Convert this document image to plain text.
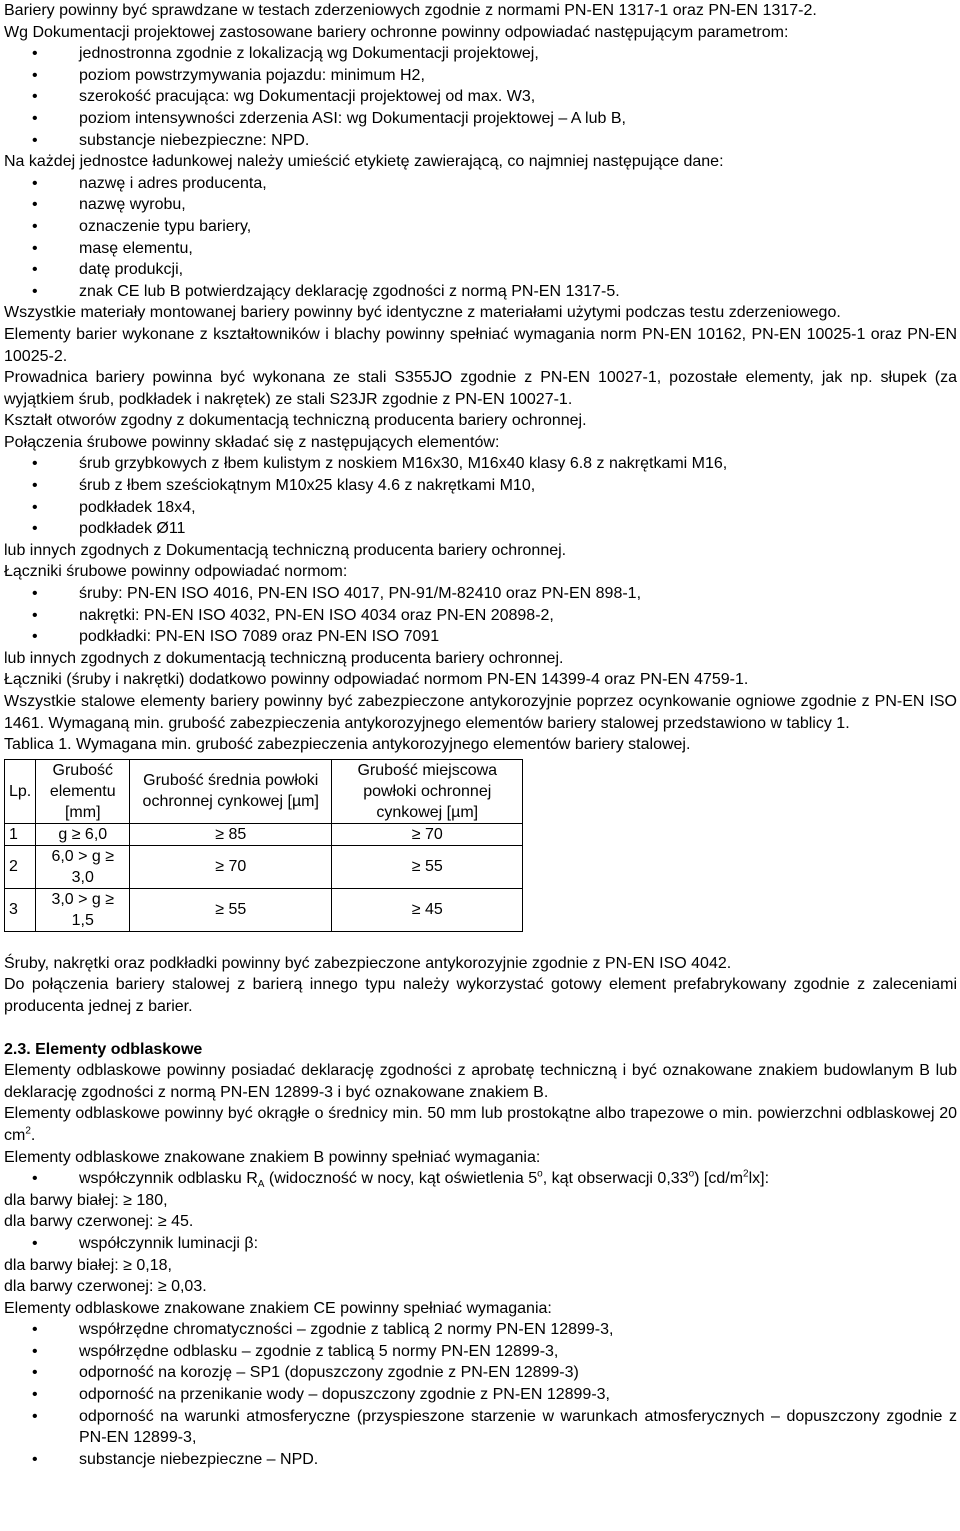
Bariery powinny być sprawdzane w testach zderzeniowych zgodnie z normami PN-EN 1317-1 oraz PN-EN 1317-2.

Wg Dokumentacji projektowej zastosowane bariery ochronne powinny odpowiadać następującym parametrom:

• jednostronna zgodnie z lokalizacją wg Dokumentacji projektowej,
• poziom powstrzymywania pojazdu: minimum H2,
• szerokość pracująca: wg Dokumentacji projektowej od max. W3,
• poziom intensywności zderzenia ASI: wg Dokumentacji projektowej – A lub B,
• substancje niebezpieczne: NPD.

Na każdej jednostce ładunkowej należy umieścić etykietę zawierającą, co najmniej następujące dane:

• nazwę i adres producenta,
• nazwę wyrobu,
• oznaczenie typu bariery,
• masę elementu,
• datę produkcji,
• znak CE lub B potwierdzający deklarację zgodności z normą PN-EN 1317-5.

Wszystkie materiały montowanej bariery powinny być identyczne z materiałami użytymi podczas testu zderzeniowego.

Elementy barier wykonane z kształtowników i blachy powinny spełniać wymagania norm PN-EN 10162, PN-EN 10025-1 oraz PN-EN 10025-2.

Prowadnica bariery powinna być wykonana ze stali S355JO zgodnie z PN-EN 10027-1, pozostałe elementy, jak np. słupek (za wyjątkiem śrub, podkładek i nakrętek) ze stali S23JR zgodnie z PN-EN 10027-1.

Kształt otworów zgodny z dokumentacją techniczną producenta bariery ochronnej.

Połączenia śrubowe powinny składać się z następujących elementów:

• śrub grzybkowych z łbem kulistym z noskiem M16x30, M16x40 klasy 6.8 z nakrętkami M16,
• śrub z łbem sześciokątnym M10x25 klasy 4.6 z nakrętkami M10,
• podkładek 18x4,
• podkładek Ø11

lub innych zgodnych z Dokumentacją techniczną producenta bariery ochronnej.

Łączniki śrubowe powinny odpowiadać normom:

• śruby: PN-EN ISO 4016, PN-EN ISO 4017, PN-91/M-82410 oraz PN-EN 898-1,
• nakrętki: PN-EN ISO 4032, PN-EN ISO 4034 oraz PN-EN 20898-2,
• podkładki: PN-EN ISO 7089 oraz PN-EN ISO 7091

lub innych zgodnych z dokumentacją techniczną producenta bariery ochronnej.

Łączniki (śruby i nakrętki) dodatkowo powinny odpowiadać normom PN-EN 14399-4 oraz PN-EN 4759-1.

Wszystkie stalowe elementy bariery powinny być zabezpieczone antykorozyjnie poprzez ocynkowanie ogniowe zgodnie z PN-EN ISO 1461. Wymaganą min. grubość zabezpieczenia antykorozyjnego elementów bariery stalowej przedstawiono w tablicy 1.

Tablica 1. Wymagana min. grubość zabezpieczenia antykorozyjnego elementów bariery stalowej.

Lp.	Grubość elementu [mm]	Grubość średnia powłoki ochronnej cynkowej [µm]	Grubość miejscowa powłoki ochronnej cynkowej [µm]
1	g ≥ 6,0	≥ 85	≥ 70
2	6,0 > g ≥ 3,0	≥ 70	≥ 55
3	3,0 > g ≥ 1,5	≥ 55	≥ 45

Śruby, nakrętki oraz podkładki powinny być zabezpieczone antykorozyjnie zgodnie z PN-EN ISO 4042.

Do połączenia bariery stalowej z barierą innego typu należy wykorzystać gotowy element prefabrykowany zgodnie z zaleceniami producenta jednej z barier.

2.3. Elementy odblaskowe

Elementy odblaskowe powinny posiadać deklarację zgodności z aprobatę techniczną i być oznakowane znakiem budowlanym B lub deklarację zgodności z normą PN-EN 12899-3 i być oznakowane znakiem B.

Elementy odblaskowe powinny być okrągłe o średnicy min. 50 mm lub prostokątne albo trapezowe o min. powierzchni odblaskowej 20 $cm^2$.

Elementy odblaskowe znakowane znakiem B powinny spełniać wymagania:

• współczynnik odblasku $R_A$ (widoczność w nocy, kąt oświetlenia 5$^o$, kąt obserwacji 0,33$^o$) $[cd/m^2lx]$:

dla barwy białej: ≥ 180,

dla barwy czerwonej: ≥ 45.

• współczynnik luminacji β:

dla barwy białej: ≥ 0,18,

dla barwy czerwonej: ≥ 0,03.

Elementy odblaskowe znakowane znakiem CE powinny spełniać wymagania:

• współrzędne chromatyczności – zgodnie z tablicą 2 normy PN-EN 12899-3,
• współrzędne odblasku – zgodnie z tablicą 5 normy PN-EN 12899-3,
• odporność na korozję – SP1 (dopuszczony zgodnie z PN-EN 12899-3)
• odporność na przenikanie wody – dopuszczony zgodnie z PN-EN 12899-3,
• odporność na warunki atmosferyczne (przyspieszone starzenie w warunkach atmosferycznych – dopuszczony zgodnie z PN-EN 12899-3,
• substancje niebezpieczne – NPD.
